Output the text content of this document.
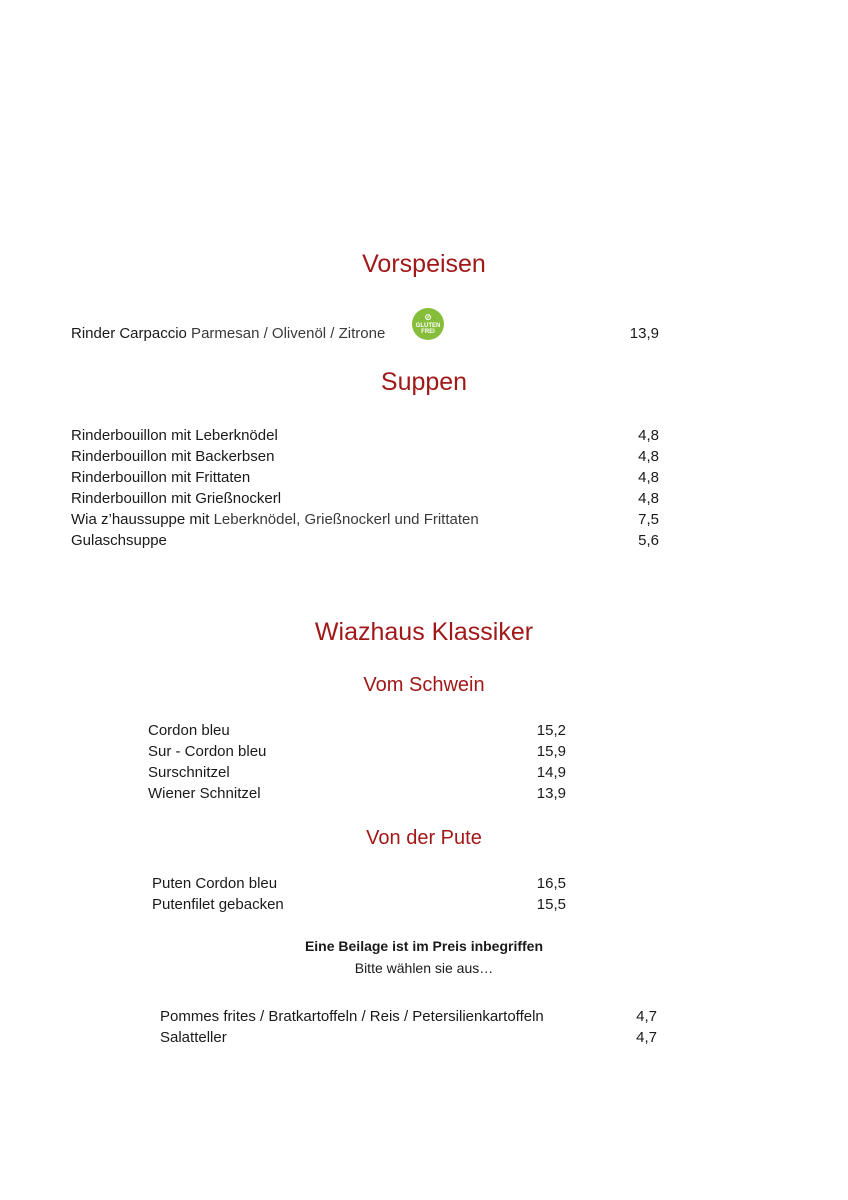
Vorspeisen
Rinder Carpaccio Parmesan / Olivenöl / Zitrone	13,9
⊘
GLUTEN FREI
Suppen
Rinderbouillon mit Leberknödel	4,8
Rinderbouillon mit Backerbsen	4,8
Rinderbouillon mit Frittaten	4,8
Rinderbouillon mit Grießnockerl	4,8
Wia z’haussuppe mit Leberknödel, Grießnockerl und Frittaten	7,5
Gulaschsuppe	5,6
Wiazhaus Klassiker
Vom Schwein
Cordon bleu	15,2
Sur - Cordon bleu	15,9
Surschnitzel	14,9
Wiener Schnitzel	13,9
Von der Pute
Puten Cordon bleu	16,5
Putenfilet gebacken	15,5
Eine Beilage ist im Preis inbegriffen
Bitte wählen sie aus…
Pommes frites / Bratkartoffeln / Reis / Petersilienkartoffeln	4,7
Salatteller	4,7
